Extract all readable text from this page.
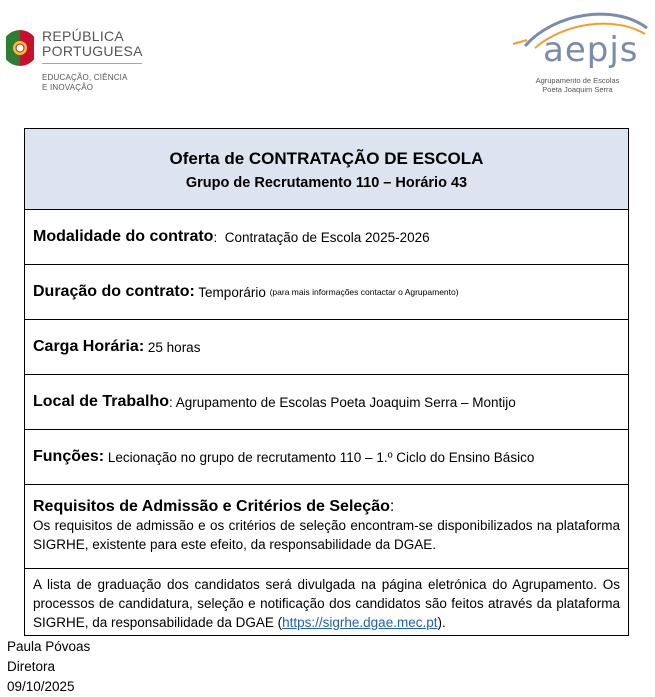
REPÚBLICA
PORTUGUESA
EDUCAÇÃO, CIÊNCIA
E INOVAÇÃO
aepjs
Agrupamento de Escolas
Poeta Joaquim Serra
Oferta de CONTRATAÇÃO DE ESCOLA
Grupo de Recrutamento 110 – Horário 43
Modalidade do contrato : Contratação de Escola 2025-2026
Duração do contrato: Temporário (para mais informações contactar o Agrupamento)
Carga Horária: 25 horas
Local de Trabalho : Agrupamento de Escolas Poeta Joaquim Serra – Montijo
Funções: Lecionação no grupo de recrutamento 110 – 1.º Ciclo do Ensino Básico
Requisitos de Admissão e Critérios de Seleção:
Os requisitos de admissão e os critérios de seleção encontram-se disponibilizados na plataforma SIGRHE, existente para este efeito, da responsabilidade da DGAE.
A lista de graduação dos candidatos será divulgada na página eletrónica do Agrupamento. Os processos de candidatura, seleção e notificação dos candidatos são feitos através da plataforma SIGRHE, da responsabilidade da DGAE (https://sigrhe.dgae.mec.pt).
Paula Póvoas
Diretora
09/10/2025
